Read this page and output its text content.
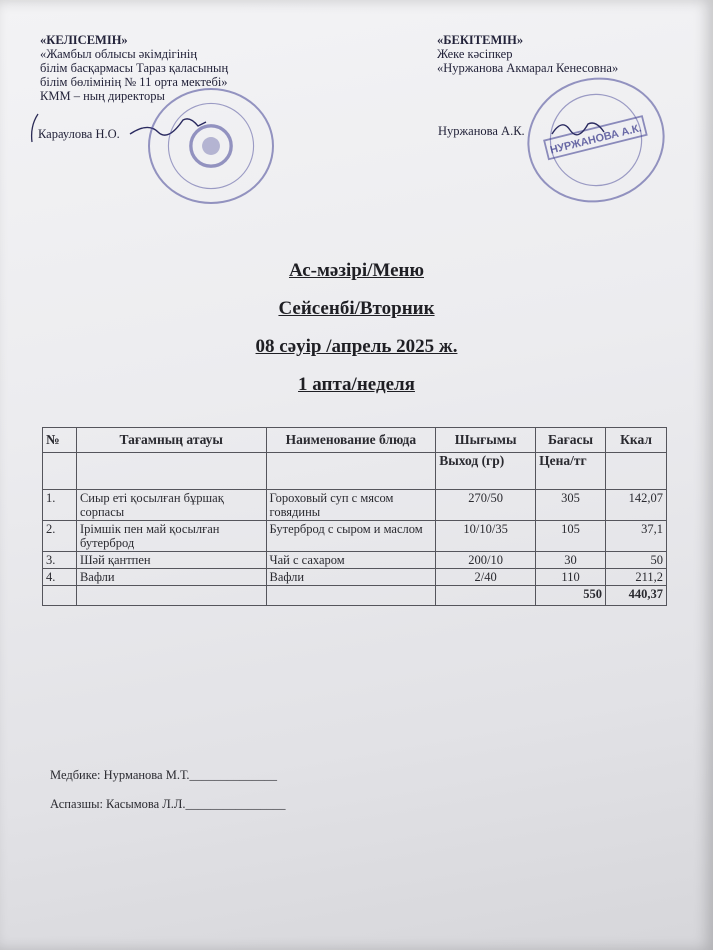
«КЕЛІСЕМІН»
«Жамбыл облысы әкімдігінің
білім басқармасы Тараз қаласының
білім бөлімінің № 11 орта мектебі»
КММ – ның директоры
Караулова Н.О.
«БЕКІТЕМІН»
Жеке кәсіпкер
«Нуржанова Акмарал Кенесовна»
Нуржанова А.К.	НУРЖАНОВА А.К.
Ас-мәзірі/Меню
Сейсенбі/Вторник
08 сәуір /апрель 2025 ж.
1 апта/неделя
№	Тағамның атауы	Наименование блюда	Шығымы	Бағасы	Ккал
			Выход (гр)	Цена/тг	
1.	Сиыр еті қосылған бұршақ сорпасы	Гороховый суп с мясом говядины	270/50	305	142,07
2.	Ірімшік пен май қосылған бутерброд	Бутерброд с сыром и маслом	10/10/35	105	37,1
3.	Шәй қантпен	Чай с сахаром	200/10	30	50
4.	Вафли	Вафли	2/40	110	211,2
				550	440,37
Медбике: Нурманова М.Т.______________
Аспазшы: Касымова Л.Л.________________
